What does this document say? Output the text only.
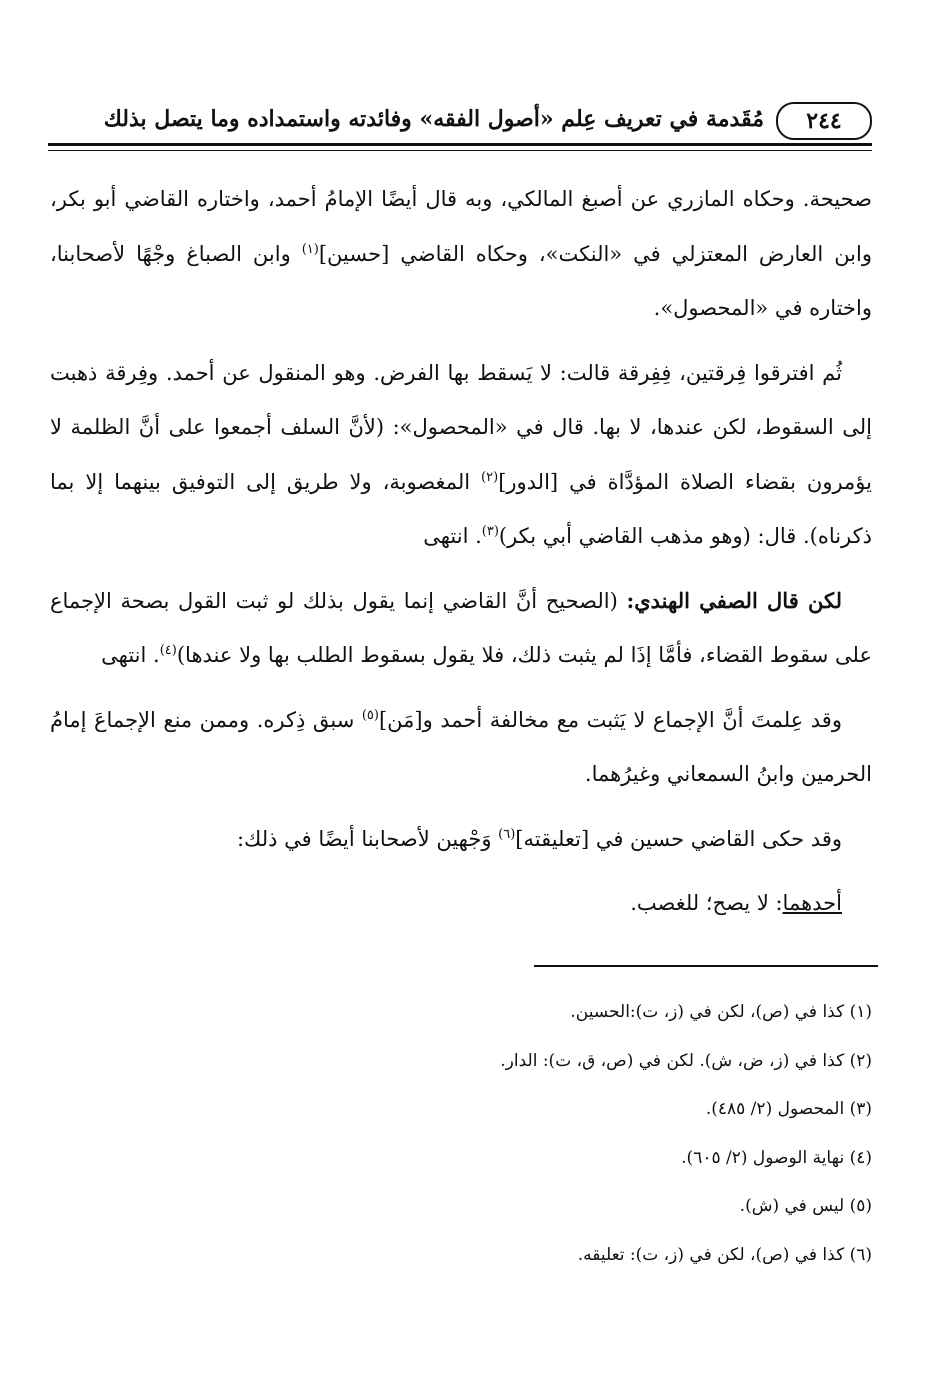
٢٤٤
مُقَدمة في تعريف عِلم «أصول الفقه» وفائدته واستمداده وما يتصل بذلك

صحيحة. وحكاه المازري عن أصبغ المالكي، وبه قال أيضًا الإمامُ أحمد، واختاره القاضي أبو بكر، وابن العارض المعتزلي في «النكت»، وحكاه القاضي [حسين]$^{(١)}$ وابن الصباغ وجْهًا لأصحابنا، واختاره في «المحصول».

ثُم افترقوا فِرقتين، فِفِرقة قالت: لا يَسقط بها الفرض. وهو المنقول عن أحمد. وفِرقة ذهبت إلى السقوط، لكن عندها، لا بها. قال في «المحصول»: (لأنَّ السلف أجمعوا على أنَّ الظلمة لا يؤمرون بقضاء الصلاة المؤدَّاة في [الدور]$^{(٢)}$ المغصوبة، ولا طريق إلى التوفيق بينهما إلا بما ذكرناه). قال: (وهو مذهب القاضي أبي بكر)$^{(٣)}$. انتهى

لكن قال الصفي الهندي: (الصحيح أنَّ القاضي إنما يقول بذلك لو ثبت القول بصحة الإجماع على سقوط القضاء، فأمَّا إذَا لم يثبت ذلك، فلا يقول بسقوط الطلب بها ولا عندها)$^{(٤)}$. انتهى

وقد عِلمتَ أنَّ الإجماع لا يَثبت مع مخالفة أحمد و[مَن]$^{(٥)}$ سبق ذِكره. وممن منع الإجماعَ إمامُ الحرمين وابنُ السمعاني وغيرُهما.

وقد حكى القاضي حسين في [تعليقته]$^{(٦)}$ وَجْهين لأصحابنا أيضًا في ذلك:

أحدهما: لا يصح؛ للغصب.

(١) كذا في (ص)، لكن في (ز، ت):الحسين.
(٢) كذا في (ز، ض، ش). لكن في (ص، ق، ت): الدار.
(٣) المحصول (٢/ ٤٨٥).
(٤) نهاية الوصول (٢/ ٦٠٥).
(٥) ليس في (ش).
(٦) كذا في (ص)، لكن في (ز، ت): تعليقه.
